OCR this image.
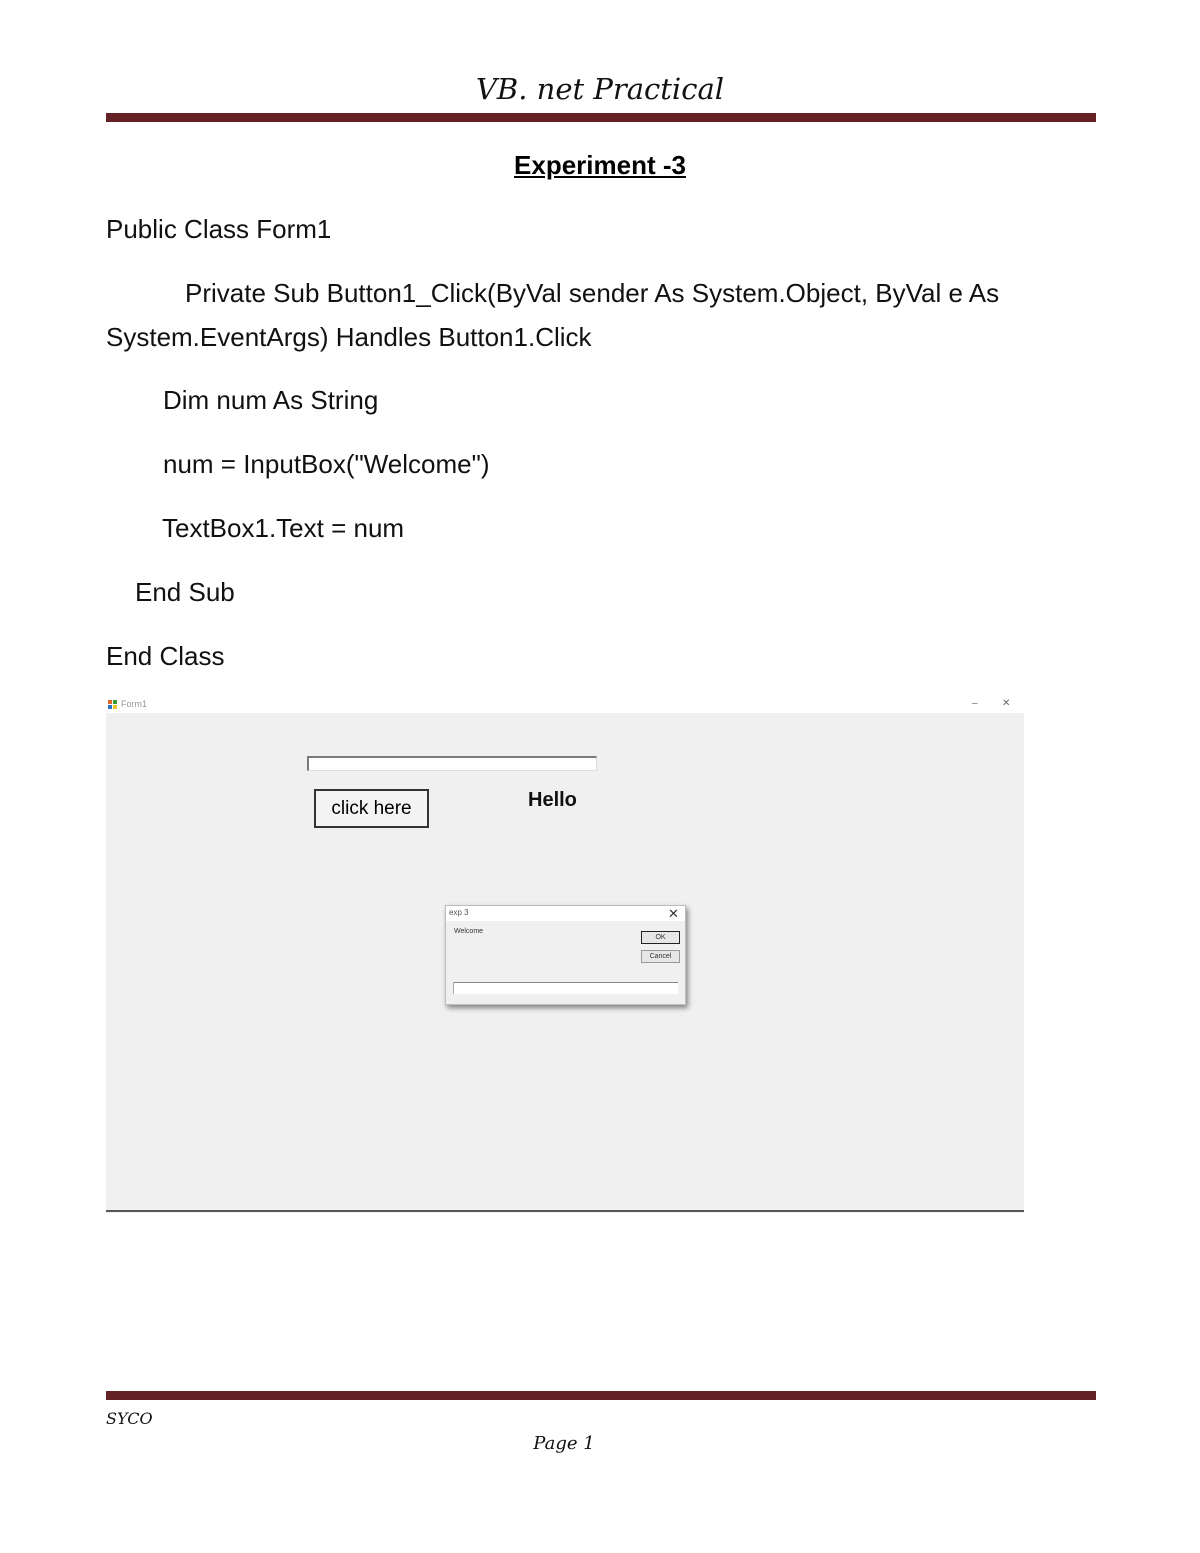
VB. net Practical
Experiment -3
Public Class Form1
Private Sub Button1_Click(ByVal sender As System.Object, ByVal e As
System.EventArgs) Handles Button1.Click
Dim num As String
num = InputBox("Welcome")
TextBox1.Text = num
End Sub
End Class
Form1	– ✕
click here	Hello
exp 3	✕
Welcome
OK
Cancel
SYCO
Page 1
